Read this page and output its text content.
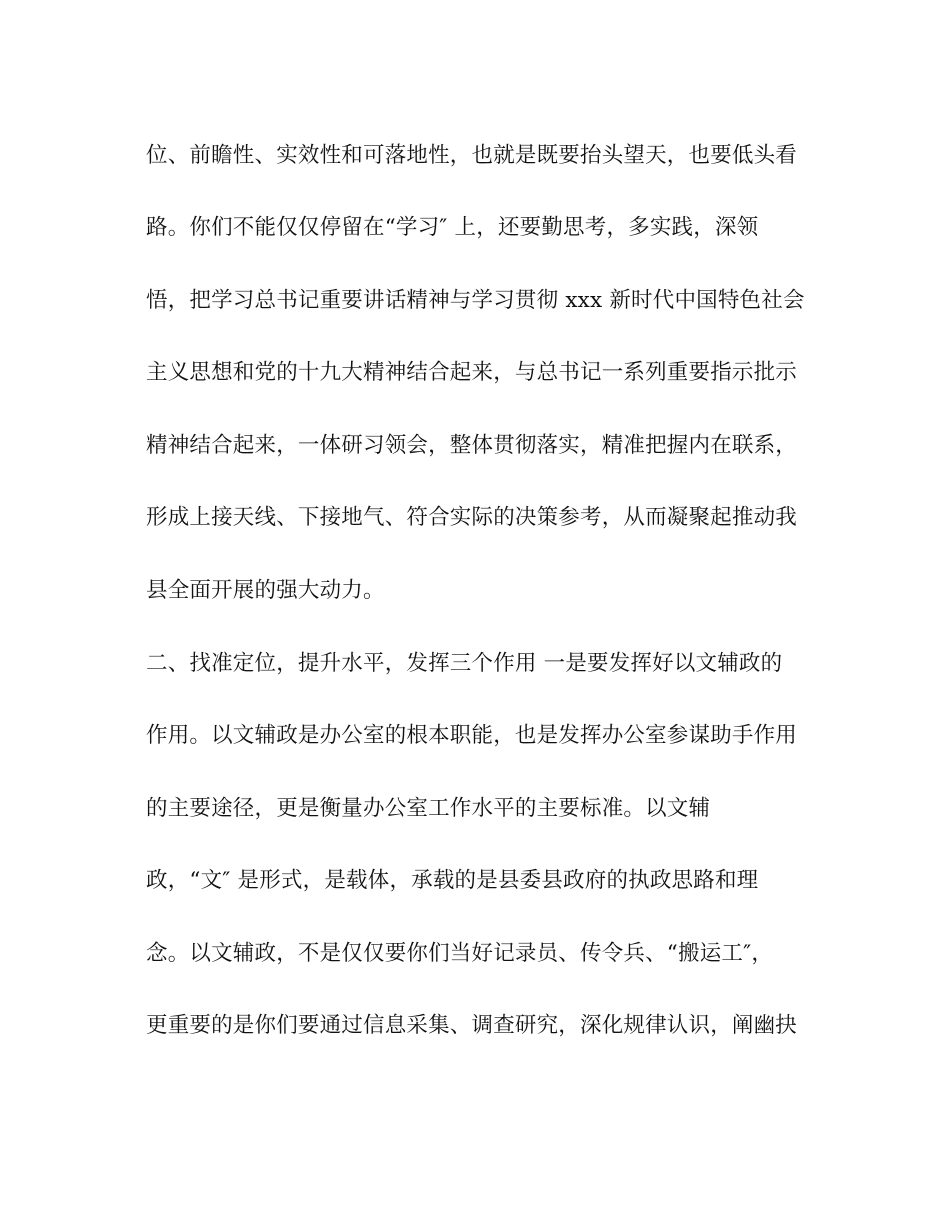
位、前瞻性、实效性和可落地性，也就是既要抬头望天，也要低头看
路。你们不能仅仅停留在“学习″ 上，还要勤思考，多实践，深领
悟，把学习总书记重要讲话精神与学习贯彻 xxx 新时代中国特色社会
主义思想和党的十九大精神结合起来，与总书记一系列重要指示批示
精神结合起来，一体研习领会，整体贯彻落实，精准把握内在联系，
形成上接天线、下接地气、符合实际的决策参考，从而凝聚起推动我
县全面开展的强大动力。
二、找准定位，提升水平，发挥三个作用 一是要发挥好以文辅政的
作用。以文辅政是办公室的根本职能，也是发挥办公室参谋助手作用
的主要途径，更是衡量办公室工作水平的主要标准。以文辅
政，“文″ 是形式，是载体，承载的是县委县政府的执政思路和理
念。以文辅政，不是仅仅要你们当好记录员、传令兵、“搬运工″，
更重要的是你们要通过信息采集、调查研究，深化规律认识，阐幽抉
